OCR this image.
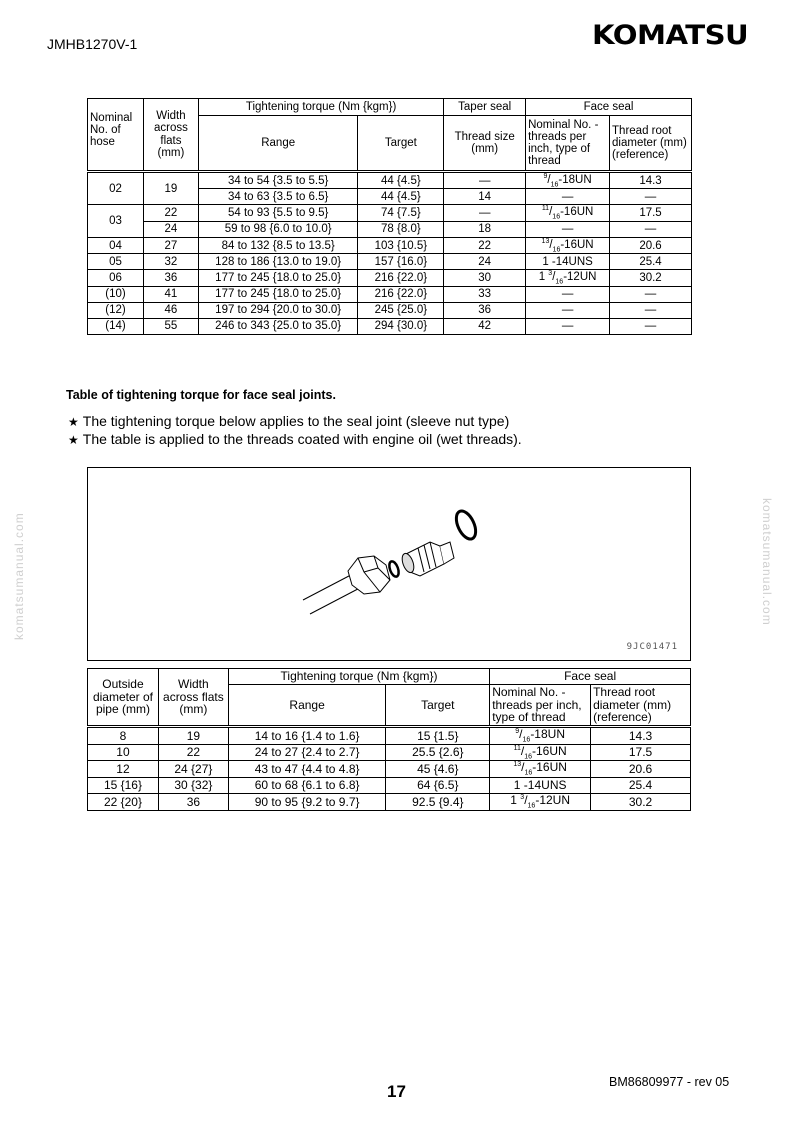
JMHB1270V-1	KOMATSU
Nominal No. of hose	Width across flats (mm)	Tightening torque (Nm {kgm})		Taper seal	Face seal	
		Range	Target	Thread size (mm)	Nominal No. - threads per inch, type of thread	Thread root diameter (mm) (reference)
02	19	34 to 54 {3.5 to 5.5}	44 {4.5}	—	$^9/_{16}-18UN$	14.3
		34 to 63 {3.5 to 6.5}	44 {4.5}	14	—	—
03	22	54 to 93 {5.5 to 9.5}	74 {7.5}	—	$^{11}/_{16}-16UN$	17.5
	24	59 to 98 {6.0 to 10.0}	78 {8.0}	18	—	—
04	27	84 to 132 {8.5 to 13.5}	103 {10.5}	22	$^{13}/_{16}-16UN$	20.6
05	32	128 to 186 {13.0 to 19.0}	157 {16.0}	24	1 -14UNS	25.4
06	36	177 to 245 {18.0 to 25.0}	216 {22.0}	30	1 $^3/_{16}-12UN$	30.2
(10)	41	177 to 245 {18.0 to 25.0}	216 {22.0}	33	—	—
(12)	46	197 to 294 {20.0 to 30.0}	245 {25.0}	36	—	—
(14)	55	246 to 343 {25.0 to 35.0}	294 {30.0}	42	—	—
Table of tightening torque for face seal joints.
★ The tightening torque below applies to the seal joint (sleeve nut type)
★ The table is applied to the threads coated with engine oil (wet threads).
9JC01471
Outside diameter of pipe (mm)	Width across flats (mm)	Tightening torque (Nm {kgm})		Face seal	
		Range	Target	Nominal No. - threads per inch, type of thread	Thread root diameter (mm) (reference)
8	19	14 to 16 {1.4 to 1.6}	15 {1.5}	$^9/_{16}-18UN$	14.3
10	22	24 to 27 {2.4 to 2.7}	25.5 {2.6}	$^{11}/_{16}-16UN$	17.5
12	24 {27}	43 to 47 {4.4 to 4.8}	45 {4.6}	$^{13}/_{16}-16UN$	20.6
15 {16}	30 {32}	60 to 68 {6.1 to 6.8}	64 {6.5}	1 -14UNS	25.4
22 {20}	36	90 to 95 {9.2 to 9.7}	92.5 {9.4}	1 $^3/_{16}-12UN$	30.2
komatsumanual.com	komatsumanual.com
17	BM86809977 - rev 05
